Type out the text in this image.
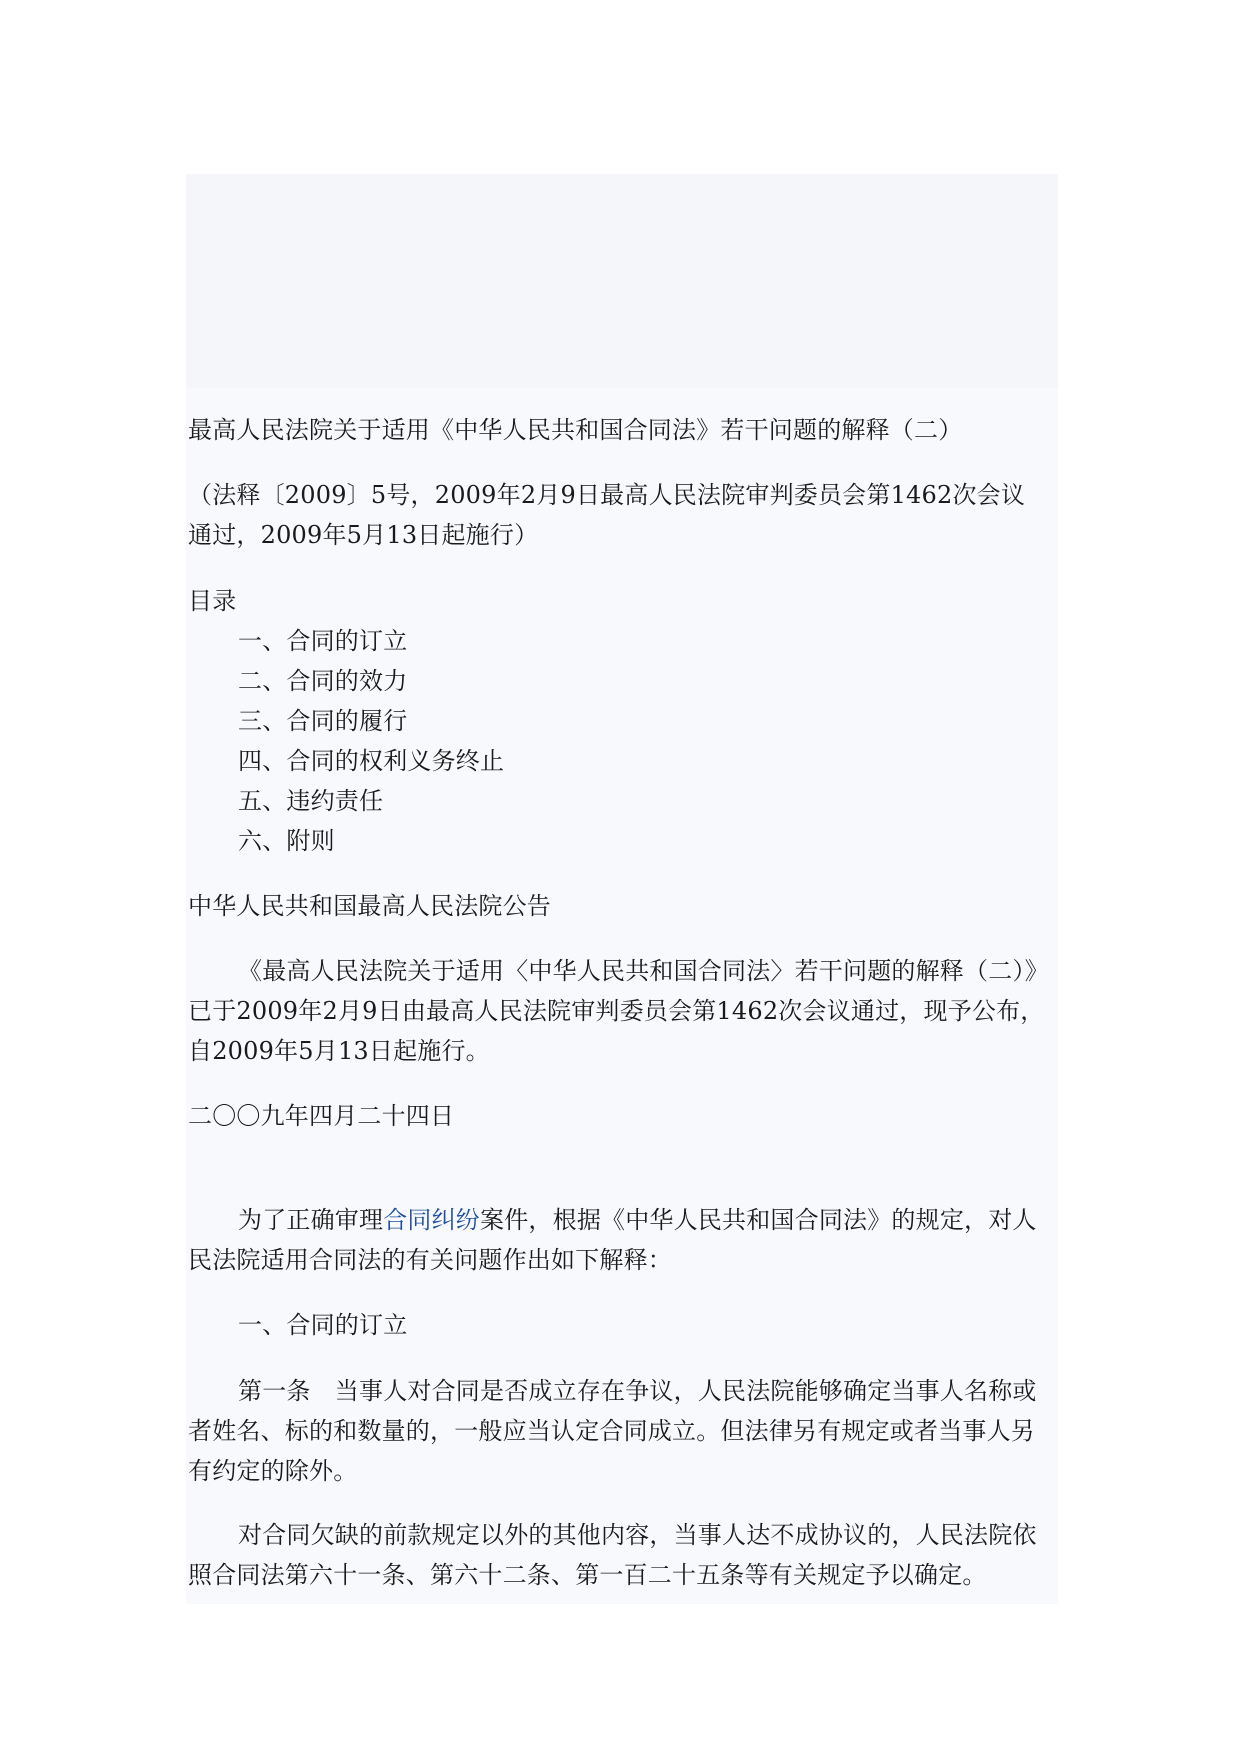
最高人民法院关于适用《中华人民共和国合同法》若干问题的解释（二）
（法释〔2009〕5号，2009年2月9日最高人民法院审判委员会第1462次会议
通过，2009年5月13日起施行）
目录
一、合同的订立
二、合同的效力
三、合同的履行
四、合同的权利义务终止
五、违约责任
六、附则
中华人民共和国最高人民法院公告
《最高人民法院关于适用〈中华人民共和国合同法〉若干问题的解释（二）》
已于2009年2月9日由最高人民法院审判委员会第1462次会议通过，现予公布，
自2009年5月13日起施行。
二〇〇九年四月二十四日
为了正确审理合同纠纷案件，根据《中华人民共和国合同法》的规定，对人
民法院适用合同法的有关问题作出如下解释：
一、合同的订立
第一条　当事人对合同是否成立存在争议，人民法院能够确定当事人名称或
者姓名、标的和数量的，一般应当认定合同成立。但法律另有规定或者当事人另
有约定的除外。
对合同欠缺的前款规定以外的其他内容，当事人达不成协议的，人民法院依
照合同法第六十一条、第六十二条、第一百二十五条等有关规定予以确定。
